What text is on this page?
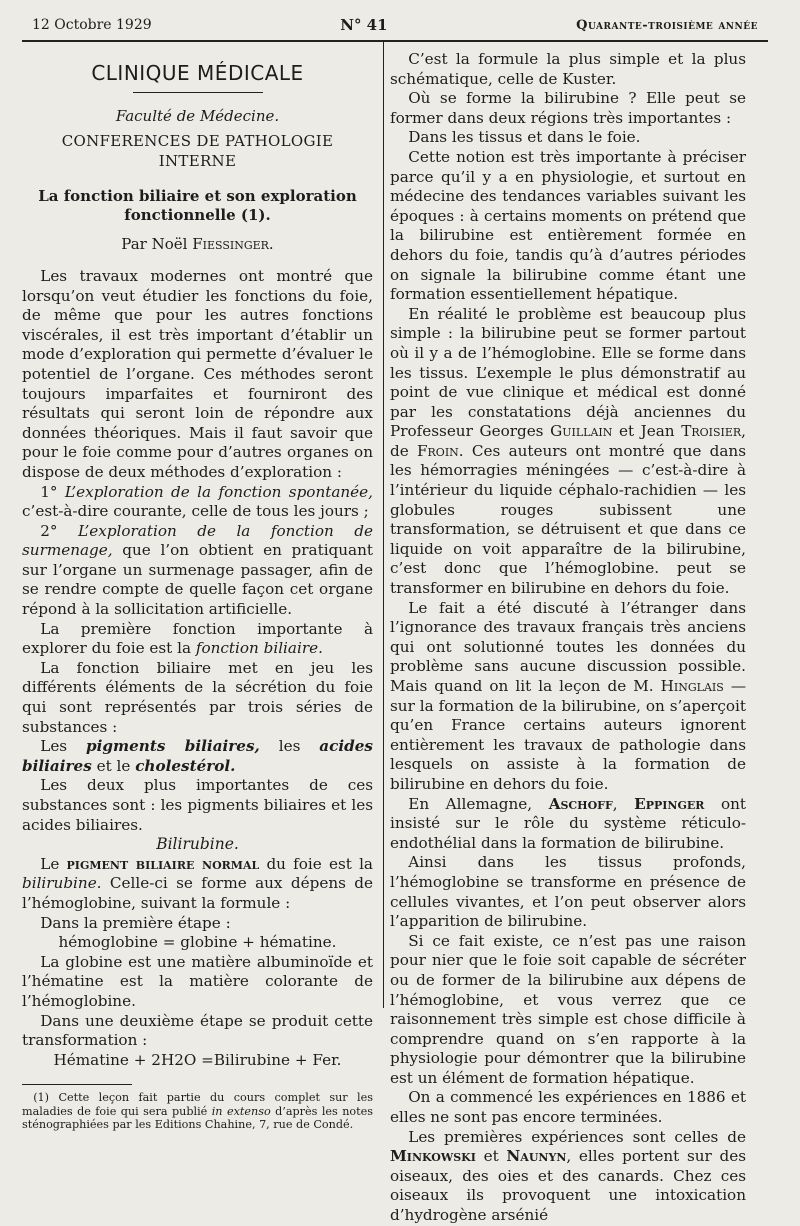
12 Octobre 1929	N° 41	Quarante-troisième année
CLINIQUE MÉDICALE
Faculté de Médecine.
CONFERENCES DE PATHOLOGIE INTERNE
La fonction biliaire et son exploration fonctionnelle (1).
Par Noël Fiessinger.

Les travaux modernes ont montré que lorsqu’on veut étudier les fonctions du foie, de même que pour les autres fonctions viscérales, il est très important d’établir un mode d’exploration qui permette d’évaluer le potentiel de l’organe. Ces méthodes seront toujours imparfaites et fourniront des résultats qui seront loin de répondre aux données théoriques. Mais il faut savoir que pour le foie comme pour d’autres organes on dispose de deux méthodes d’exploration :

1° L’exploration de la fonction spontanée, c’est-à-dire courante, celle de tous les jours ;

2° L’exploration de la fonction de surmenage, que l’on obtient en pratiquant sur l’organe un surmenage passager, afin de se rendre compte de quelle façon cet organe répond à la sollicitation artificielle.

La première fonction importante à explorer du foie est la fonction biliaire.

La fonction biliaire met en jeu les différents éléments de la sécrétion du foie qui sont représentés par trois séries de substances :

Les pigments biliaires, les acides biliaires et le cholestérol.

Les deux plus importantes de ces substances sont : les pigments biliaires et les acides biliaires.

Bilirubine.

Le pigment biliaire normal du foie est la bilirubine. Celle-ci se forme aux dépens de l’hémoglobine, suivant la formule :

Dans la première étape :

hémoglobine = globine + hématine.

La globine est une matière albuminoïde et l’hématine est la matière colorante de l’hémoglobine.

Dans une deuxième étape se produit cette transformation :

Hématine + 2H2O =Bilirubine + Fer.

(1) Cette leçon fait partie du cours complet sur les maladies de foie qui sera publié in extenso d’après les notes sténographiées par les Editions Chahine, 7, rue de Condé.

C’est la formule la plus simple et la plus schématique, celle de Kuster.

Où se forme la bilirubine ? Elle peut se former dans deux régions très importantes :

Dans les tissus et dans le foie.

Cette notion est très importante à préciser parce qu’il y a en physiologie, et surtout en médecine des tendances variables suivant les époques : à certains moments on prétend que la bilirubine est entièrement formée en dehors du foie, tandis qu’à d’autres périodes on signale la bilirubine comme étant une formation essentiellement hépatique.

En réalité le problème est beaucoup plus simple : la bilirubine peut se former partout où il y a de l’hémoglobine. Elle se forme dans les tissus. L’exemple le plus démonstratif au point de vue clinique et médical est donné par les constatations déjà anciennes du Professeur Georges Guillain et Jean Troisier, de Froin. Ces auteurs ont montré que dans les hémorragies méningées — c’est-à-dire à l’intérieur du liquide céphalo-rachidien — les globules rouges subissent une transformation, se détruisent et que dans ce liquide on voit apparaître de la bilirubine, c’est donc que l’hémoglobine. peut se transformer en bilirubine en dehors du foie.

Le fait a été discuté à l’étranger dans l’ignorance des travaux français très anciens qui ont solutionné toutes les données du problème sans aucune discussion possible. Mais quand on lit la leçon de M. Hinglais — sur la formation de la bilirubine, on s’aperçoit qu’en France certains auteurs ignorent entièrement les travaux de pathologie dans lesquels on assiste à la formation de bilirubine en dehors du foie.

En Allemagne, Aschoff, Eppinger ont insisté sur le rôle du système réticulo-endothélial dans la formation de bilirubine.

Ainsi dans les tissus profonds, l’hémoglobine se transforme en présence de cellules vivantes, et l’on peut observer alors l’apparition de bilirubine.

Si ce fait existe, ce n’est pas une raison pour nier que le foie soit capable de sécréter ou de former de la bilirubine aux dépens de l’hémoglobine, et vous verrez que ce raisonnement très simple est chose difficile à comprendre quand on s’en rapporte à la physiologie pour démontrer que la bilirubine est un élément de formation hépatique.

On a commencé les expériences en 1886 et elles ne sont pas encore terminées.

Les premières expériences sont celles de Minkowski et Naunyn, elles portent sur des oiseaux, des oies et des canards. Chez ces oiseaux ils provoquent une intoxication d’hydrogène arsénié
